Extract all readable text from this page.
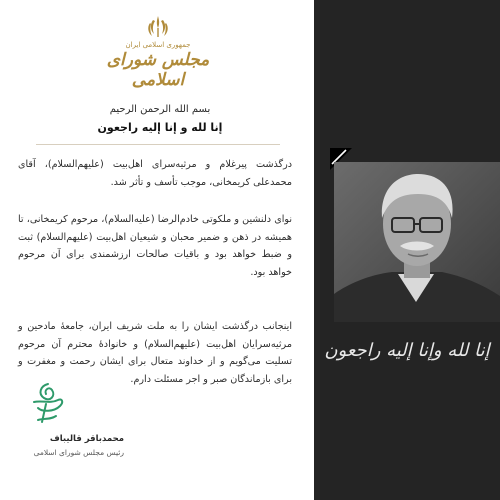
جمهوری اسلامی ایران
مجلس شورای اسلامی
بسم الله الرحمن الرحیم
إنا لله و إنا إلیه راجعون

درگذشت پیرغلام و مرثیه‌سرای اهل‌بیت (علیهم‌السلام)، آقای محمدعلی کریمخانی، موجب تأسف و تأثر شد.

نوای دلنشین و ملکوتی خادم‌الرضا (علیه‌السلام)، مرحوم کریمخانی، تا همیشه در ذهن و ضمیر محبان و شیعیان اهل‌بیت (علیهم‌السلام) ثبت و ضبط خواهد بود و باقیات صالحات ارزشمندی برای آن مرحوم خواهد بود.

اینجانب درگذشت ایشان را به ملت شریف ایران، جامعهٔ مادحین و مرثیه‌سرایان اهل‌بیت (علیهم‌السلام) و خانوادهٔ محترم آن مرحوم تسلیت می‌گویم و از خداوند متعال برای ایشان رحمت و مغفرت و برای بازماندگان صبر و اجر مسئلت دارم.

محمدباقر قالیباف
رئیس مجلس شورای اسلامی
إنا لله وإنا إليه راجعون
